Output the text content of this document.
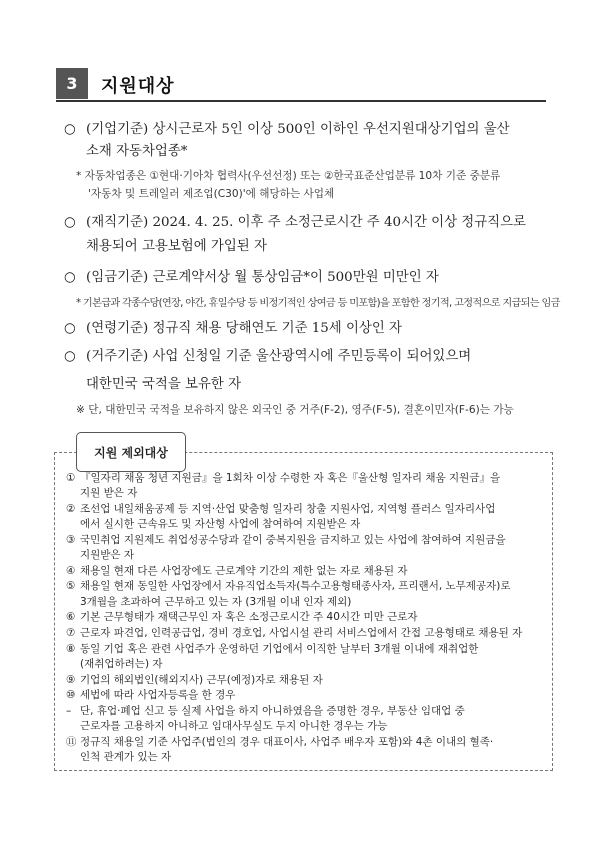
3	지원대상
○ (기업기준) 상시근로자 5인 이상 500인 이하인 우선지원대상기업의 울산
소재 자동차업종*
* 자동차업종은 ①현대·기아차 협력사(우선선정) 또는 ②한국표준산업분류 10차 기준 중분류
'자동차 및 트레일러 제조업(C30)'에 해당하는 사업체
○ (재직기준) 2024. 4. 25. 이후 주 소정근로시간 주 40시간 이상 정규직으로
채용되어 고용보험에 가입된 자
○ (임금기준) 근로계약서상 월 통상임금*이 500만원 미만인 자
* 기본급과 각종수당(연장, 야간, 휴일수당 등 비정기적인 상여금 등 미포함)을 포함한 정기적, 고정적으로 지급되는 임금
○ (연령기준) 정규직 채용 당해연도 기준 15세 이상인 자
○ (거주기준) 사업 신청일 기준 울산광역시에 주민등록이 되어있으며
대한민국 국적을 보유한 자
※ 단, 대한민국 국적을 보유하지 않은 외국인 중 거주(F-2), 영주(F-5), 결혼이민자(F-6)는 가능
지원 제외대상
① 『일자리 채움 청년 지원금』을 1회차 이상 수령한 자 혹은『울산형 일자리 채움 지원금』을
지원 받은 자
② 조선업 내일채움공제 등 지역·산업 맞춤형 일자리 창출 지원사업, 지역형 플러스 일자리사업
에서 실시한 근속유도 및 자산형 사업에 참여하여 지원받은 자
③ 국민취업 지원제도 취업성공수당과 같이 중복지원을 금지하고 있는 사업에 참여하여 지원금을
지원받은 자
④ 채용일 현재 다른 사업장에도 근로계약 기간의 제한 없는 자로 채용된 자
⑤ 채용일 현재 동일한 사업장에서 자유직업소득자(특수고용형태종사자, 프리랜서, 노무제공자)로
3개월을 초과하여 근무하고 있는 자 (3개월 이내 인자 제외)
⑥ 기본 근무형태가 재택근무인 자 혹은 소정근로시간 주 40시간 미만 근로자
⑦ 근로자 파견업, 인력공급업, 경비 경호업, 사업시설 관리 서비스업에서 간접 고용형태로 채용된 자
⑧ 동일 기업 혹은 관련 사업주가 운영하던 기업에서 이직한 날부터 3개월 이내에 재취업한
(재취업하려는) 자
⑨ 기업의 해외법인(해외지사) 근무(예정)자로 채용된 자
⑩ 세법에 따라 사업자등록을 한 경우
– 단, 휴업·폐업 신고 등 실제 사업을 하지 아니하였음을 증명한 경우, 부동산 임대업 중
근로자를 고용하지 아니하고 임대사무실도 두지 아니한 경우는 가능
⑪ 정규직 채용일 기준 사업주(법인의 경우 대표이사, 사업주 배우자 포함)와 4촌 이내의 혈족·
인척 관계가 있는 자
